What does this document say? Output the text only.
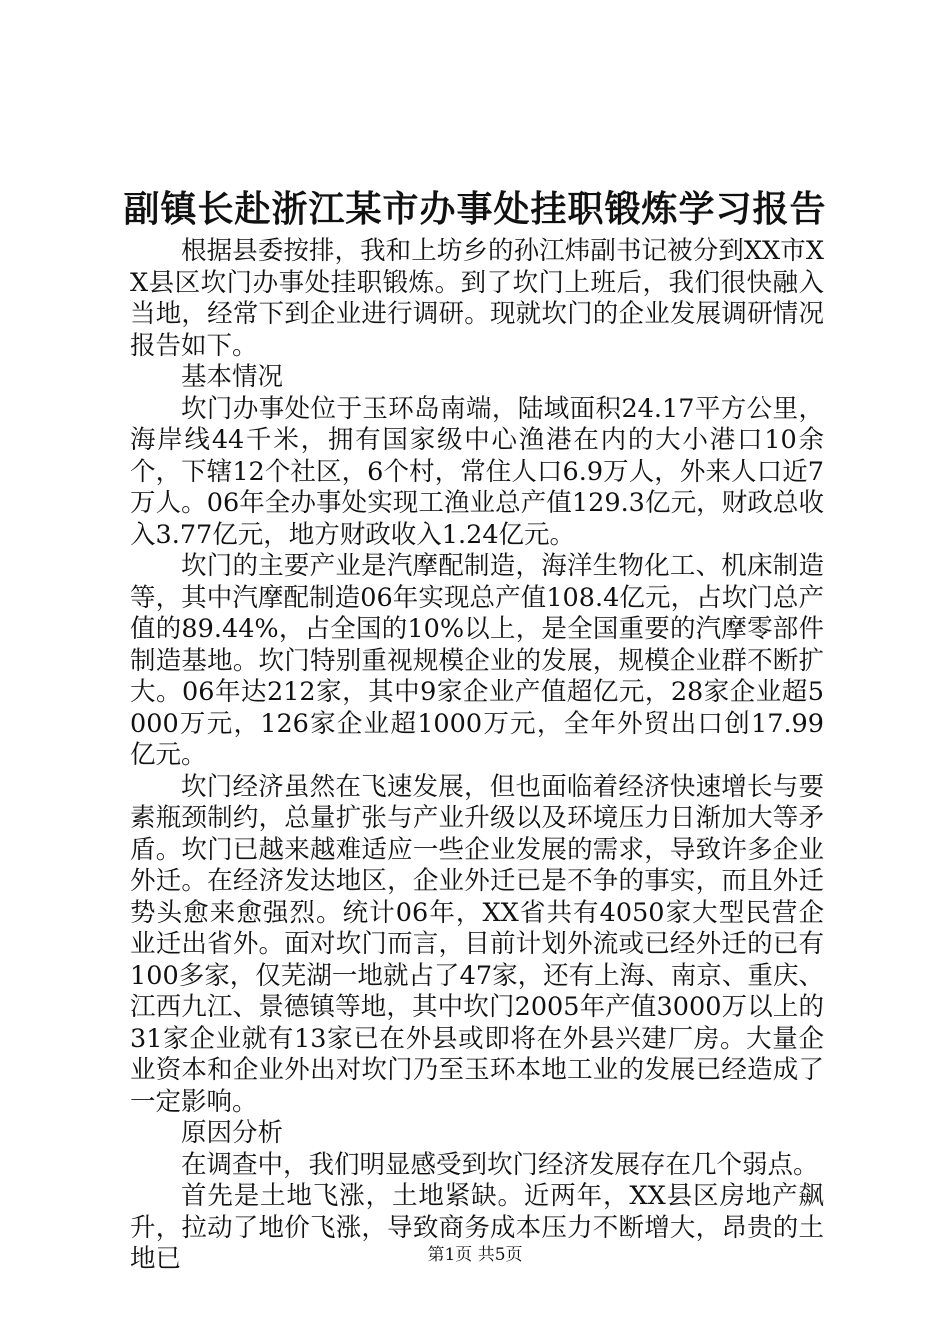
副镇长赴浙江某市办事处挂职锻炼学习报告

根据县委按排，我和上坊乡的孙江炜副书记被分到XX市XX县区坎门办事处挂职锻炼。到了坎门上班后，我们很快融入当地，经常下到企业进行调研。现就坎门的企业发展调研情况报告如下。

基本情况

坎门办事处位于玉环岛南端，陆域面积24.17平方公里，海岸线44千米，拥有国家级中心渔港在内的大小港口10余个，下辖12个社区，6个村，常住人口6.9万人，外来人口近7万人。06年全办事处实现工渔业总产值129.3亿元，财政总收入3.77亿元，地方财政收入1.24亿元。

坎门的主要产业是汽摩配制造，海洋生物化工、机床制造等，其中汽摩配制造06年实现总产值108.4亿元，占坎门总产值的89.44%，占全国的10%以上，是全国重要的汽摩零部件制造基地。坎门特别重视规模企业的发展，规模企业群不断扩大。06年达212家，其中9家企业产值超亿元，28家企业超5000万元，126家企业超1000万元，全年外贸出口创17.99亿元。

坎门经济虽然在飞速发展，但也面临着经济快速增长与要素瓶颈制约，总量扩张与产业升级以及环境压力日渐加大等矛盾。坎门已越来越难适应一些企业发展的需求，导致许多企业外迁。在经济发达地区，企业外迁已是不争的事实，而且外迁势头愈来愈强烈。统计06年，XX省共有4050家大型民营企业迁出省外。面对坎门而言，目前计划外流或已经外迁的已有100多家，仅芜湖一地就占了47家，还有上海、南京、重庆、江西九江、景德镇等地，其中坎门2005年产值3000万以上的31家企业就有13家已在外县或即将在外县兴建厂房。大量企业资本和企业外出对坎门乃至玉环本地工业的发展已经造成了一定影响。

原因分析

在调查中，我们明显感受到坎门经济发展存在几个弱点。

首先是土地飞涨，土地紧缺。近两年，XX县区房地产飙升，拉动了地价飞涨，导致商务成本压力不断增大，昂贵的土地已	第1页 共5页
